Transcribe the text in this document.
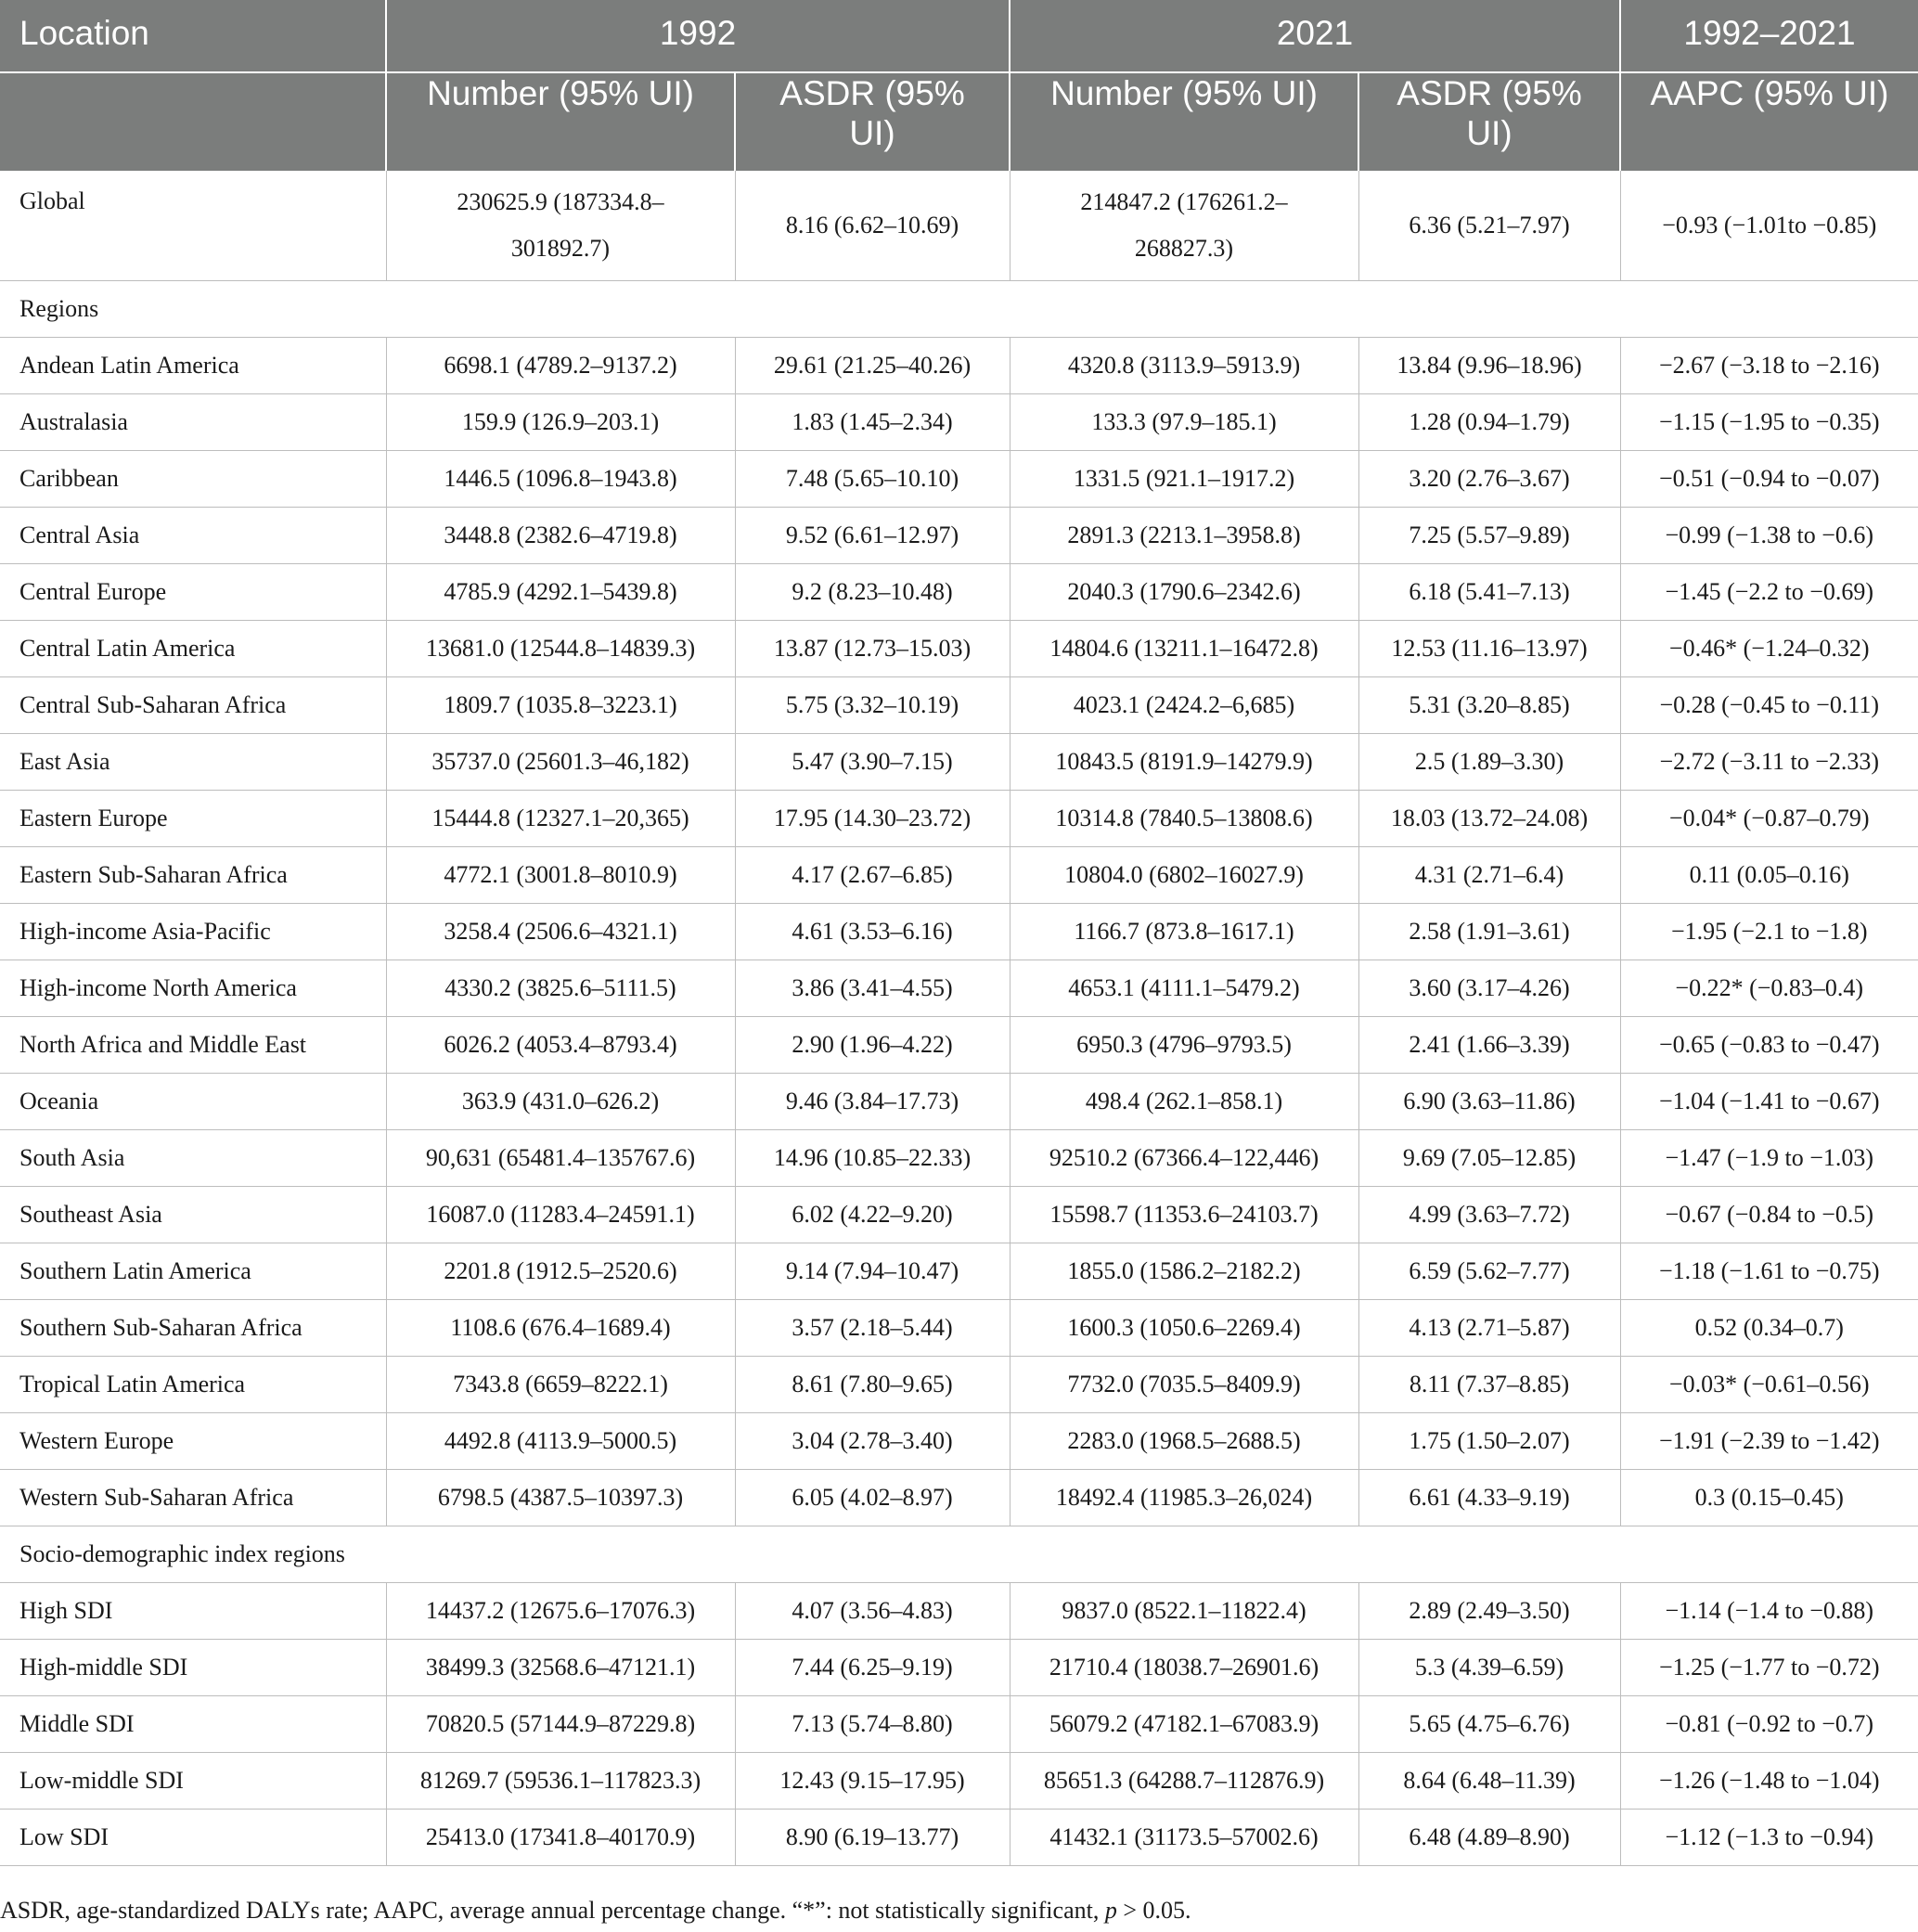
Location	1992		2021		1992–2021
	Number (95% UI)	ASDR (95% UI)	Number (95% UI)	ASDR (95% UI)	AAPC (95% UI)
Global	230625.9 (187334.8–301892.7)	8.16 (6.62–10.69)	214847.2 (176261.2–268827.3)	6.36 (5.21–7.97)	−0.93 (−1.01to −0.85)
Regions					
Andean Latin America	6698.1 (4789.2–9137.2)	29.61 (21.25–40.26)	4320.8 (3113.9–5913.9)	13.84 (9.96–18.96)	−2.67 (−3.18 to −2.16)
Australasia	159.9 (126.9–203.1)	1.83 (1.45–2.34)	133.3 (97.9–185.1)	1.28 (0.94–1.79)	−1.15 (−1.95 to −0.35)
Caribbean	1446.5 (1096.8–1943.8)	7.48 (5.65–10.10)	1331.5 (921.1–1917.2)	3.20 (2.76–3.67)	−0.51 (−0.94 to −0.07)
Central Asia	3448.8 (2382.6–4719.8)	9.52 (6.61–12.97)	2891.3 (2213.1–3958.8)	7.25 (5.57–9.89)	−0.99 (−1.38 to −0.6)
Central Europe	4785.9 (4292.1–5439.8)	9.2 (8.23–10.48)	2040.3 (1790.6–2342.6)	6.18 (5.41–7.13)	−1.45 (−2.2 to −0.69)
Central Latin America	13681.0 (12544.8–14839.3)	13.87 (12.73–15.03)	14804.6 (13211.1–16472.8)	12.53 (11.16–13.97)	−0.46* (−1.24–0.32)
Central Sub-Saharan Africa	1809.7 (1035.8–3223.1)	5.75 (3.32–10.19)	4023.1 (2424.2–6,685)	5.31 (3.20–8.85)	−0.28 (−0.45 to −0.11)
East Asia	35737.0 (25601.3–46,182)	5.47 (3.90–7.15)	10843.5 (8191.9–14279.9)	2.5 (1.89–3.30)	−2.72 (−3.11 to −2.33)
Eastern Europe	15444.8 (12327.1–20,365)	17.95 (14.30–23.72)	10314.8 (7840.5–13808.6)	18.03 (13.72–24.08)	−0.04* (−0.87–0.79)
Eastern Sub-Saharan Africa	4772.1 (3001.8–8010.9)	4.17 (2.67–6.85)	10804.0 (6802–16027.9)	4.31 (2.71–6.4)	0.11 (0.05–0.16)
High-income Asia-Pacific	3258.4 (2506.6–4321.1)	4.61 (3.53–6.16)	1166.7 (873.8–1617.1)	2.58 (1.91–3.61)	−1.95 (−2.1 to −1.8)
High-income North America	4330.2 (3825.6–5111.5)	3.86 (3.41–4.55)	4653.1 (4111.1–5479.2)	3.60 (3.17–4.26)	−0.22* (−0.83–0.4)
North Africa and Middle East	6026.2 (4053.4–8793.4)	2.90 (1.96–4.22)	6950.3 (4796–9793.5)	2.41 (1.66–3.39)	−0.65 (−0.83 to −0.47)
Oceania	363.9 (431.0–626.2)	9.46 (3.84–17.73)	498.4 (262.1–858.1)	6.90 (3.63–11.86)	−1.04 (−1.41 to −0.67)
South Asia	90,631 (65481.4–135767.6)	14.96 (10.85–22.33)	92510.2 (67366.4–122,446)	9.69 (7.05–12.85)	−1.47 (−1.9 to −1.03)
Southeast Asia	16087.0 (11283.4–24591.1)	6.02 (4.22–9.20)	15598.7 (11353.6–24103.7)	4.99 (3.63–7.72)	−0.67 (−0.84 to −0.5)
Southern Latin America	2201.8 (1912.5–2520.6)	9.14 (7.94–10.47)	1855.0 (1586.2–2182.2)	6.59 (5.62–7.77)	−1.18 (−1.61 to −0.75)
Southern Sub-Saharan Africa	1108.6 (676.4–1689.4)	3.57 (2.18–5.44)	1600.3 (1050.6–2269.4)	4.13 (2.71–5.87)	0.52 (0.34–0.7)
Tropical Latin America	7343.8 (6659–8222.1)	8.61 (7.80–9.65)	7732.0 (7035.5–8409.9)	8.11 (7.37–8.85)	−0.03* (−0.61–0.56)
Western Europe	4492.8 (4113.9–5000.5)	3.04 (2.78–3.40)	2283.0 (1968.5–2688.5)	1.75 (1.50–2.07)	−1.91 (−2.39 to −1.42)
Western Sub-Saharan Africa	6798.5 (4387.5–10397.3)	6.05 (4.02–8.97)	18492.4 (11985.3–26,024)	6.61 (4.33–9.19)	0.3 (0.15–0.45)
Socio-demographic index regions					
High SDI	14437.2 (12675.6–17076.3)	4.07 (3.56–4.83)	9837.0 (8522.1–11822.4)	2.89 (2.49–3.50)	−1.14 (−1.4 to −0.88)
High-middle SDI	38499.3 (32568.6–47121.1)	7.44 (6.25–9.19)	21710.4 (18038.7–26901.6)	5.3 (4.39–6.59)	−1.25 (−1.77 to −0.72)
Middle SDI	70820.5 (57144.9–87229.8)	7.13 (5.74–8.80)	56079.2 (47182.1–67083.9)	5.65 (4.75–6.76)	−0.81 (−0.92 to −0.7)
Low-middle SDI	81269.7 (59536.1–117823.3)	12.43 (9.15–17.95)	85651.3 (64288.7–112876.9)	8.64 (6.48–11.39)	−1.26 (−1.48 to −1.04)
Low SDI	25413.0 (17341.8–40170.9)	8.90 (6.19–13.77)	41432.1 (31173.5–57002.6)	6.48 (4.89–8.90)	−1.12 (−1.3 to −0.94)
ASDR, age-standardized DALYs rate; AAPC, average annual percentage change. “*”: not statistically significant, p > 0.05.
